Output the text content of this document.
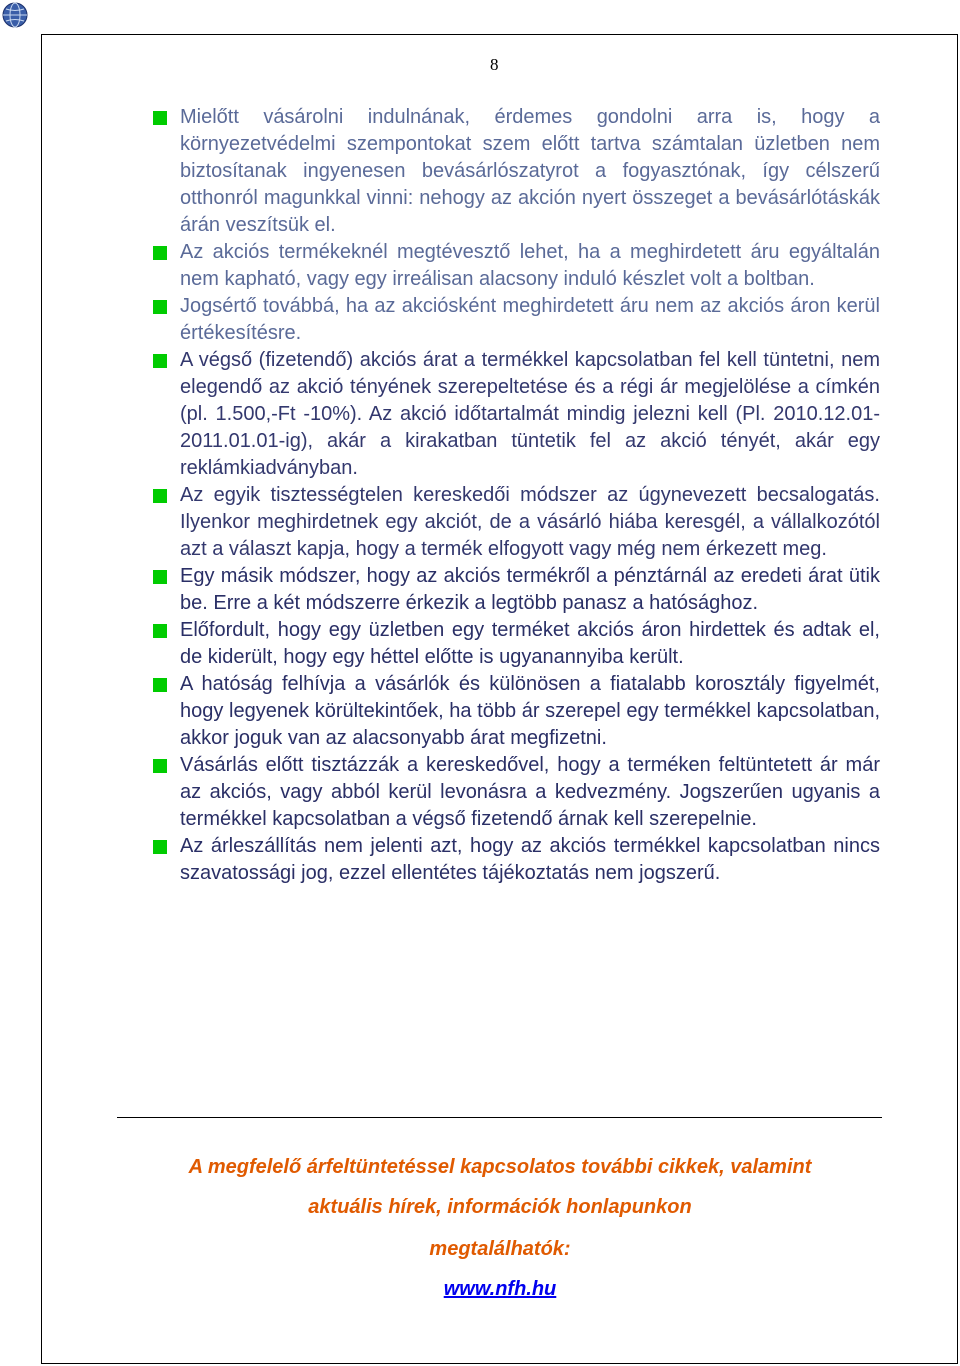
8
Mielőtt vásárolni indulnának, érdemes gondolni arra is, hogy a környezetvédelmi szempontokat szem előtt tartva számtalan üzletben nem biztosítanak ingyenesen bevásárlószatyrot a fogyasztónak, így célszerű otthonról magunkkal vinni: nehogy az akción nyert összeget a bevásárlótáskák árán veszítsük el.
Az akciós termékeknél megtévesztő lehet, ha a meghirdetett áru egyáltalán nem kapható, vagy egy irreálisan alacsony induló készlet volt a boltban.
Jogsértő továbbá, ha az akciósként meghirdetett áru nem az akciós áron kerül értékesítésre.
A végső (fizetendő) akciós árat a termékkel kapcsolatban fel kell tüntetni, nem elegendő az akció tényének szerepeltetése és a régi ár megjelölése a címkén (pl. 1.500,-Ft -10%). Az akció időtartalmát mindig jelezni kell (Pl. 2010.12.01-2011.01.01-ig), akár a kirakatban tüntetik fel az akció tényét, akár egy reklámkiadványban.
Az egyik tisztességtelen kereskedői módszer az úgynevezett becsalogatás. Ilyenkor meghirdetnek egy akciót, de a vásárló hiába keresgél, a vállalkozótól azt a választ kapja, hogy a termék elfogyott vagy még nem érkezett meg.
Egy másik módszer, hogy az akciós termékről a pénztárnál az eredeti árat ütik be. Erre a két módszerre érkezik a legtöbb panasz a hatósághoz.
Előfordult, hogy egy üzletben egy terméket akciós áron hirdettek és adtak el, de kiderült, hogy egy héttel előtte is ugyanannyiba került.
A hatóság felhívja a vásárlók és különösen a fiatalabb korosztály figyelmét, hogy legyenek körültekintőek, ha több ár szerepel egy termékkel kapcsolatban, akkor joguk van az alacsonyabb árat megfizetni.
Vásárlás előtt tisztázzák a kereskedővel, hogy a terméken feltüntetett ár már az akciós, vagy abból kerül levonásra a kedvezmény. Jogszerűen ugyanis a termékkel kapcsolatban a végső fizetendő árnak kell szerepelnie.
Az árleszállítás nem jelenti azt, hogy az akciós termékkel kapcsolatban nincs szavatossági jog, ezzel ellentétes tájékoztatás nem jogszerű.
A megfelelő árfeltüntetéssel kapcsolatos további cikkek, valamint
aktuális hírek, információk honlapunkon
megtalálhatók:
www.nfh.hu
